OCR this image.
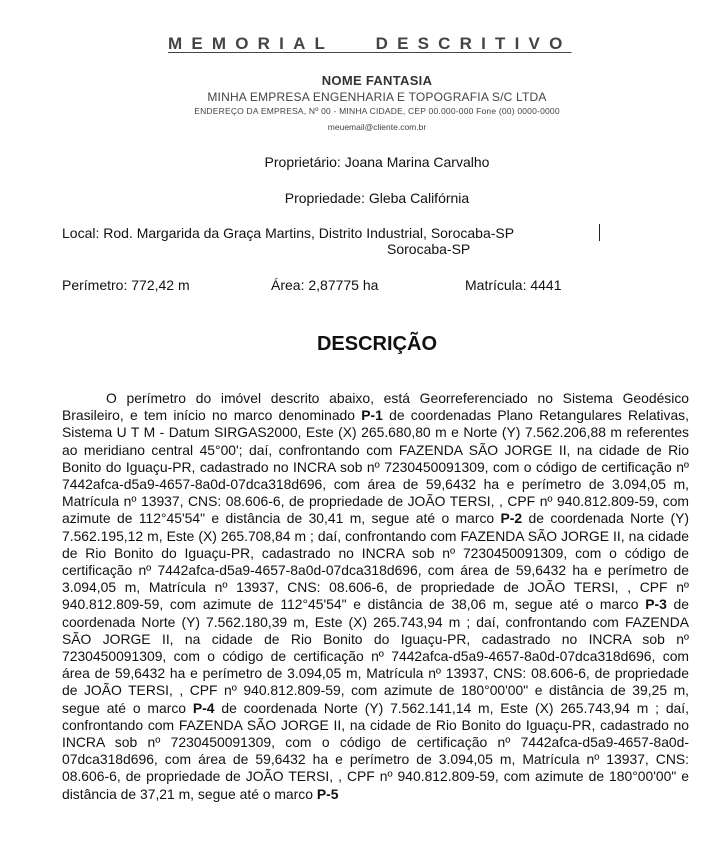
MEMORIAL   DESCRITIVO
NOME FANTASIA
MINHA EMPRESA ENGENHARIA E TOPOGRAFIA S/C LTDA
ENDEREÇO DA EMPRESA, Nº 00 - MINHA CIDADE, CEP 00.000-000 Fone (00) 0000-0000
meuemail@cliente.com.br
Proprietário: Joana Marina Carvalho
Propriedade: Gleba Califórnia
Local: Rod. Margarida da Graça Martins, Distrito Industrial, Sorocaba-SP
Sorocaba-SP
Perímetro: 772,42 m	Área: 2,87775 ha	Matrícula: 4441
DESCRIÇÃO
O perímetro do imóvel descrito abaixo, está Georreferenciado no Sistema Geodésico Brasileiro, e tem início no marco denominado P-1 de coordenadas Plano Retangulares Relativas, Sistema U T M - Datum SIRGAS2000, Este (X) 265.680,80 m e Norte (Y) 7.562.206,88 m referentes ao meridiano central 45°00'; daí, confrontando com FAZENDA SÃO JORGE II, na cidade de Rio Bonito do Iguaçu-PR, cadastrado no INCRA sob nº 7230450091309, com o código de certificação nº 7442afca-d5a9-4657-8a0d-07dca318d696, com área de 59,6432 ha e perímetro de 3.094,05 m, Matrícula nº 13937, CNS: 08.606-6, de propriedade de JOÃO TERSI, , CPF nº 940.812.809-59, com azimute de 112°45'54" e distância de 30,41 m, segue até o marco P-2 de coordenada Norte (Y) 7.562.195,12 m, Este (X) 265.708,84 m ; daí, confrontando com FAZENDA SÃO JORGE II, na cidade de Rio Bonito do Iguaçu-PR, cadastrado no INCRA sob nº 7230450091309, com o código de certificação nº 7442afca-d5a9-4657-8a0d-07dca318d696, com área de 59,6432 ha e perímetro de 3.094,05 m, Matrícula nº 13937, CNS: 08.606-6, de propriedade de JOÃO TERSI, , CPF nº 940.812.809-59, com azimute de 112°45'54" e distância de 38,06 m, segue até o marco P-3 de coordenada Norte (Y) 7.562.180,39 m, Este (X) 265.743,94 m ; daí, confrontando com FAZENDA SÃO JORGE II, na cidade de Rio Bonito do Iguaçu-PR, cadastrado no INCRA sob nº 7230450091309, com o código de certificação nº 7442afca-d5a9-4657-8a0d-07dca318d696, com área de 59,6432 ha e perímetro de 3.094,05 m, Matrícula nº 13937, CNS: 08.606-6, de propriedade de JOÃO TERSI, , CPF nº 940.812.809-59, com azimute de 180°00'00" e distância de 39,25 m, segue até o marco P-4 de coordenada Norte (Y) 7.562.141,14 m, Este (X) 265.743,94 m ; daí, confrontando com FAZENDA SÃO JORGE II, na cidade de Rio Bonito do Iguaçu-PR, cadastrado no INCRA sob nº 7230450091309, com o código de certificação nº 7442afca-d5a9-4657-8a0d-07dca318d696, com área de 59,6432 ha e perímetro de 3.094,05 m, Matrícula nº 13937, CNS: 08.606-6, de propriedade de JOÃO TERSI, , CPF nº 940.812.809-59, com azimute de 180°00'00" e distância de 37,21 m, segue até o marco P-5
